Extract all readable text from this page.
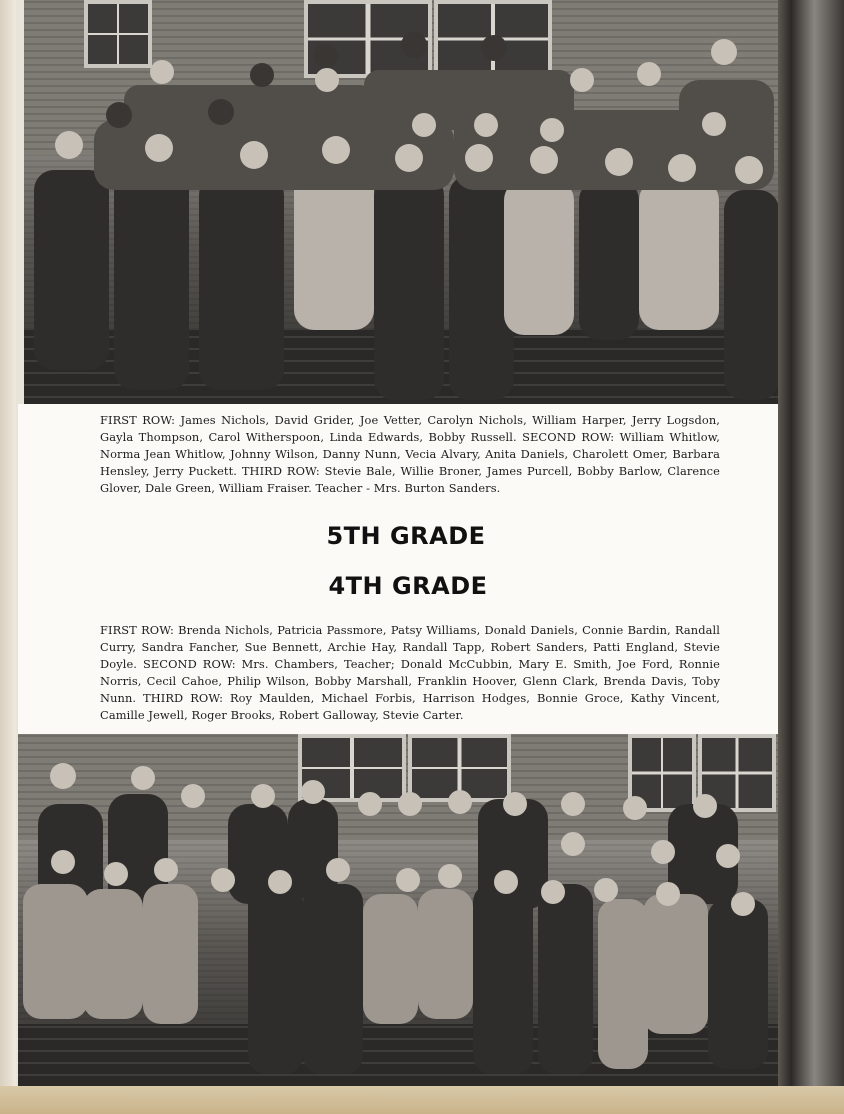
FIRST ROW: James Nichols, David Grider, Joe Vetter, Carolyn Nichols, William Harper, Jerry Logsdon, Gayla Thompson, Carol Witherspoon, Linda Edwards, Bobby Russell. SECOND ROW: William Whitlow, Norma Jean Whitlow, Johnny Wilson, Danny Nunn, Vecia Alvary, Anita Daniels, Charolett Omer, Barbara Hensley, Jerry Puckett. THIRD ROW: Stevie Bale, Willie Broner, James Purcell, Bobby Barlow, Clarence Glover, Dale Green, William Fraiser. Teacher - Mrs. Burton Sanders.

5TH GRADE
4TH GRADE

FIRST ROW: Brenda Nichols, Patricia Passmore, Patsy Williams, Donald Daniels, Connie Bardin, Randall Curry, Sandra Fancher, Sue Bennett, Archie Hay, Randall Tapp, Robert Sanders, Patti England, Stevie Doyle. SECOND ROW: Mrs. Chambers, Teacher; Donald McCubbin, Mary E. Smith, Joe Ford, Ronnie Norris, Cecil Cahoe, Philip Wilson, Bobby Marshall, Franklin Hoover, Glenn Clark, Brenda Davis, Toby Nunn. THIRD ROW: Roy Maulden, Michael Forbis, Harrison Hodges, Bonnie Groce, Kathy Vincent, Camille Jewell, Roger Brooks, Robert Galloway, Stevie Carter.
